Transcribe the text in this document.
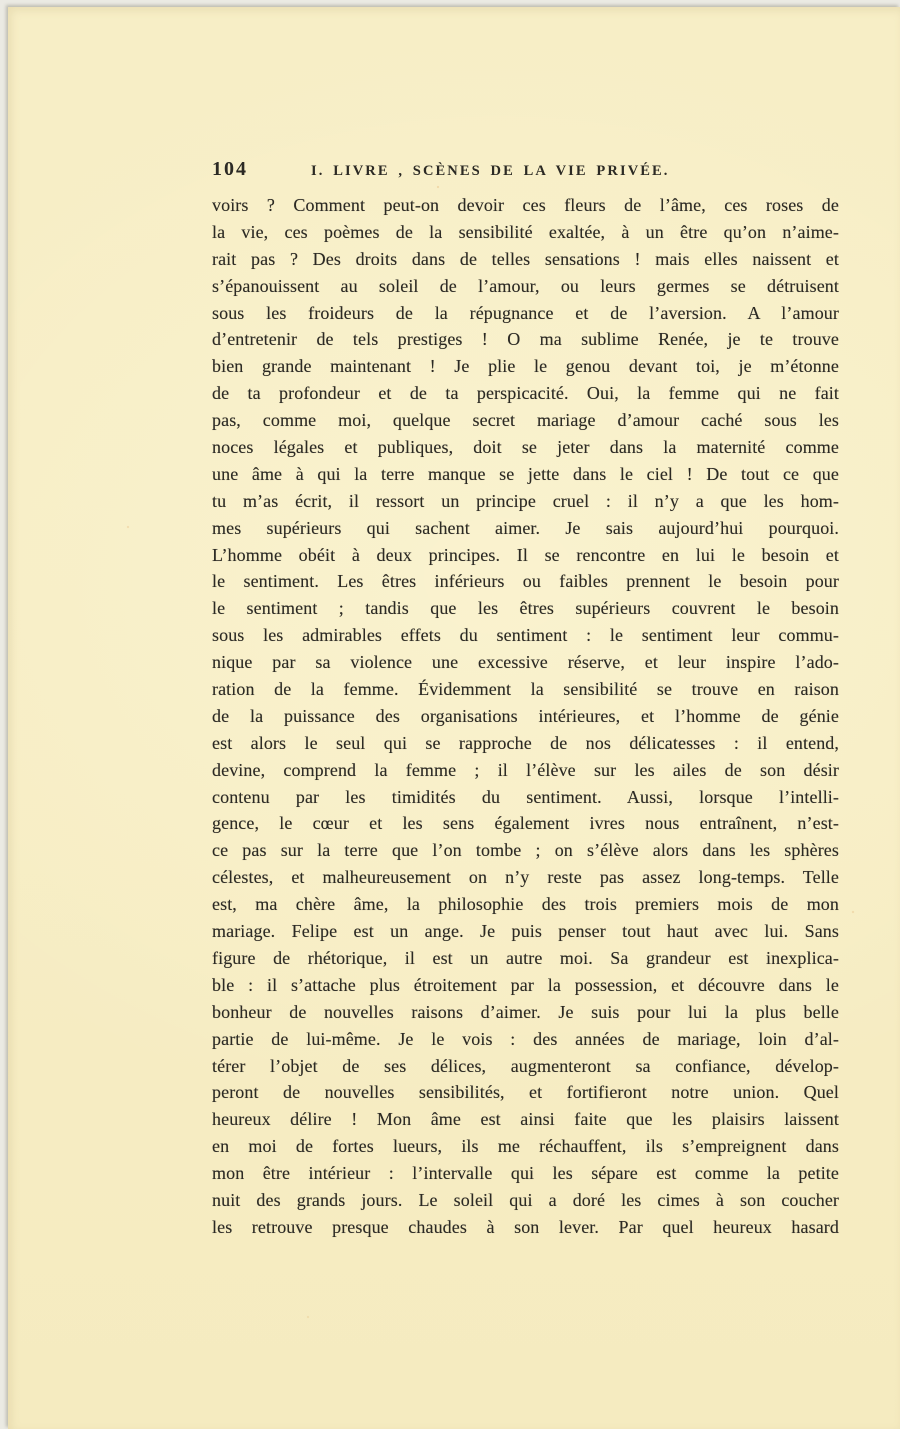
104	I. LIVRE , SCÈNES DE LA VIE PRIVÉE.
voirs ? Comment peut-on devoir ces fleurs de l’âme, ces roses de
la vie, ces poèmes de la sensibilité exaltée, à un être qu’on n’aime-
rait pas ? Des droits dans de telles sensations ! mais elles naissent et
s’épanouissent au soleil de l’amour, ou leurs germes se détruisent
sous les froideurs de la répugnance et de l’aversion. A l’amour
d’entretenir de tels prestiges ! O ma sublime Renée, je te trouve
bien grande maintenant ! Je plie le genou devant toi, je m’étonne
de ta profondeur et de ta perspicacité. Oui, la femme qui ne fait
pas, comme moi, quelque secret mariage d’amour caché sous les
noces légales et publiques, doit se jeter dans la maternité comme
une âme à qui la terre manque se jette dans le ciel ! De tout ce que
tu m’as écrit, il ressort un principe cruel : il n’y a que les hom-
mes supérieurs qui sachent aimer. Je sais aujourd’hui pourquoi.
L’homme obéit à deux principes. Il se rencontre en lui le besoin et
le sentiment. Les êtres inférieurs ou faibles prennent le besoin pour
le sentiment ; tandis que les êtres supérieurs couvrent le besoin
sous les admirables effets du sentiment : le sentiment leur commu-
nique par sa violence une excessive réserve, et leur inspire l’ado-
ration de la femme. Évidemment la sensibilité se trouve en raison
de la puissance des organisations intérieures, et l’homme de génie
est alors le seul qui se rapproche de nos délicatesses : il entend,
devine, comprend la femme ; il l’élève sur les ailes de son désir
contenu par les timidités du sentiment. Aussi, lorsque l’intelli-
gence, le cœur et les sens également ivres nous entraînent, n’est-
ce pas sur la terre que l’on tombe ; on s’élève alors dans les sphères
célestes, et malheureusement on n’y reste pas assez long-temps. Telle
est, ma chère âme, la philosophie des trois premiers mois de mon
mariage. Felipe est un ange. Je puis penser tout haut avec lui. Sans
figure de rhétorique, il est un autre moi. Sa grandeur est inexplica-
ble : il s’attache plus étroitement par la possession, et découvre dans le
bonheur de nouvelles raisons d’aimer. Je suis pour lui la plus belle
partie de lui-même. Je le vois : des années de mariage, loin d’al-
térer l’objet de ses délices, augmenteront sa confiance, dévelop-
peront de nouvelles sensibilités, et fortifieront notre union. Quel
heureux délire ! Mon âme est ainsi faite que les plaisirs laissent
en moi de fortes lueurs, ils me réchauffent, ils s’empreignent dans
mon être intérieur : l’intervalle qui les sépare est comme la petite
nuit des grands jours. Le soleil qui a doré les cimes à son coucher
les retrouve presque chaudes à son lever. Par quel heureux hasard
